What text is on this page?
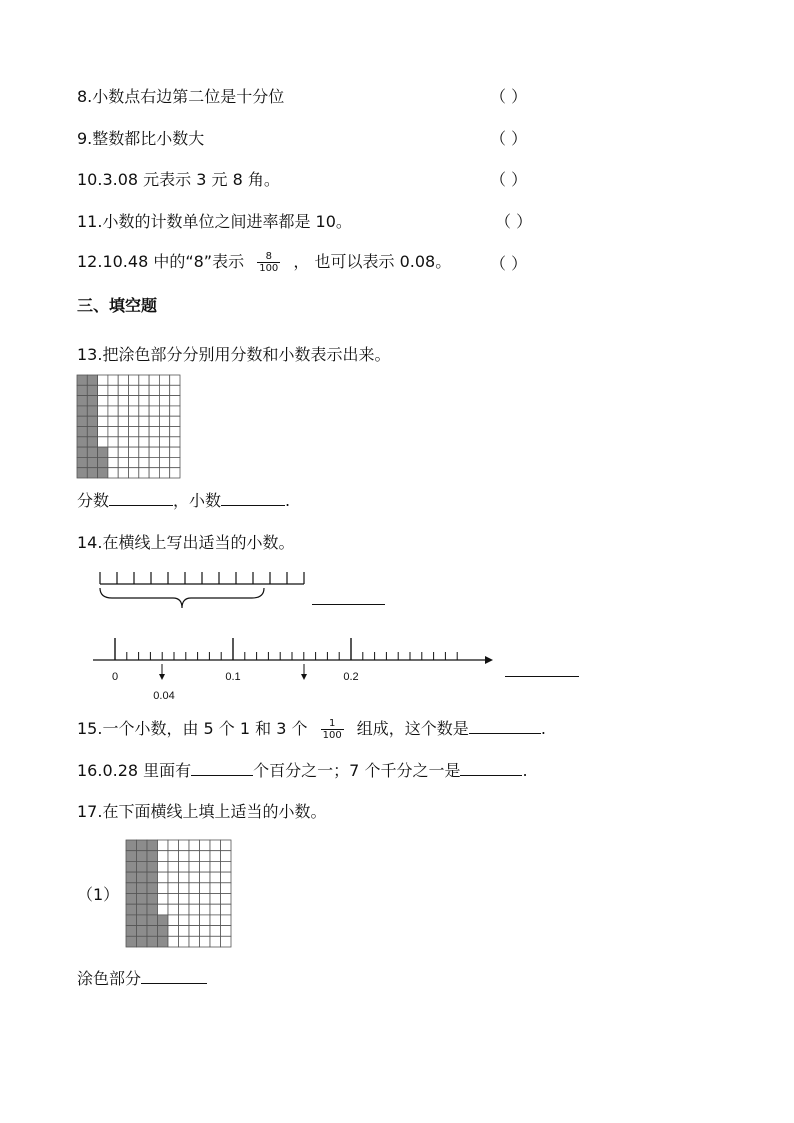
8.小数点右边第二位是十分位	（ ）
9.整数都比小数大	（ ）
10.3.08 元表示 3 元 8 角。	（ ）
11.小数的计数单位之间进率都是 10。	（ ）
12.10.48 中的“8”表示 $\frac{8}{100}$ ， 也可以表示 0.08。 （ ）
三、填空题
13.把涂色部分分别用分数和小数表示出来。
分数	，小数	.
14.在横线上写出适当的小数。
0	0.1	0.2
0.04
15.一个小数，由 5 个 1 和 3 个 $\frac{1}{100}$ 组成，这个数是	.
16.0.28 里面有	个百分之一；7 个千分之一是	.
17.在下面横线上填上适当的小数。
（1）
涂色部分
